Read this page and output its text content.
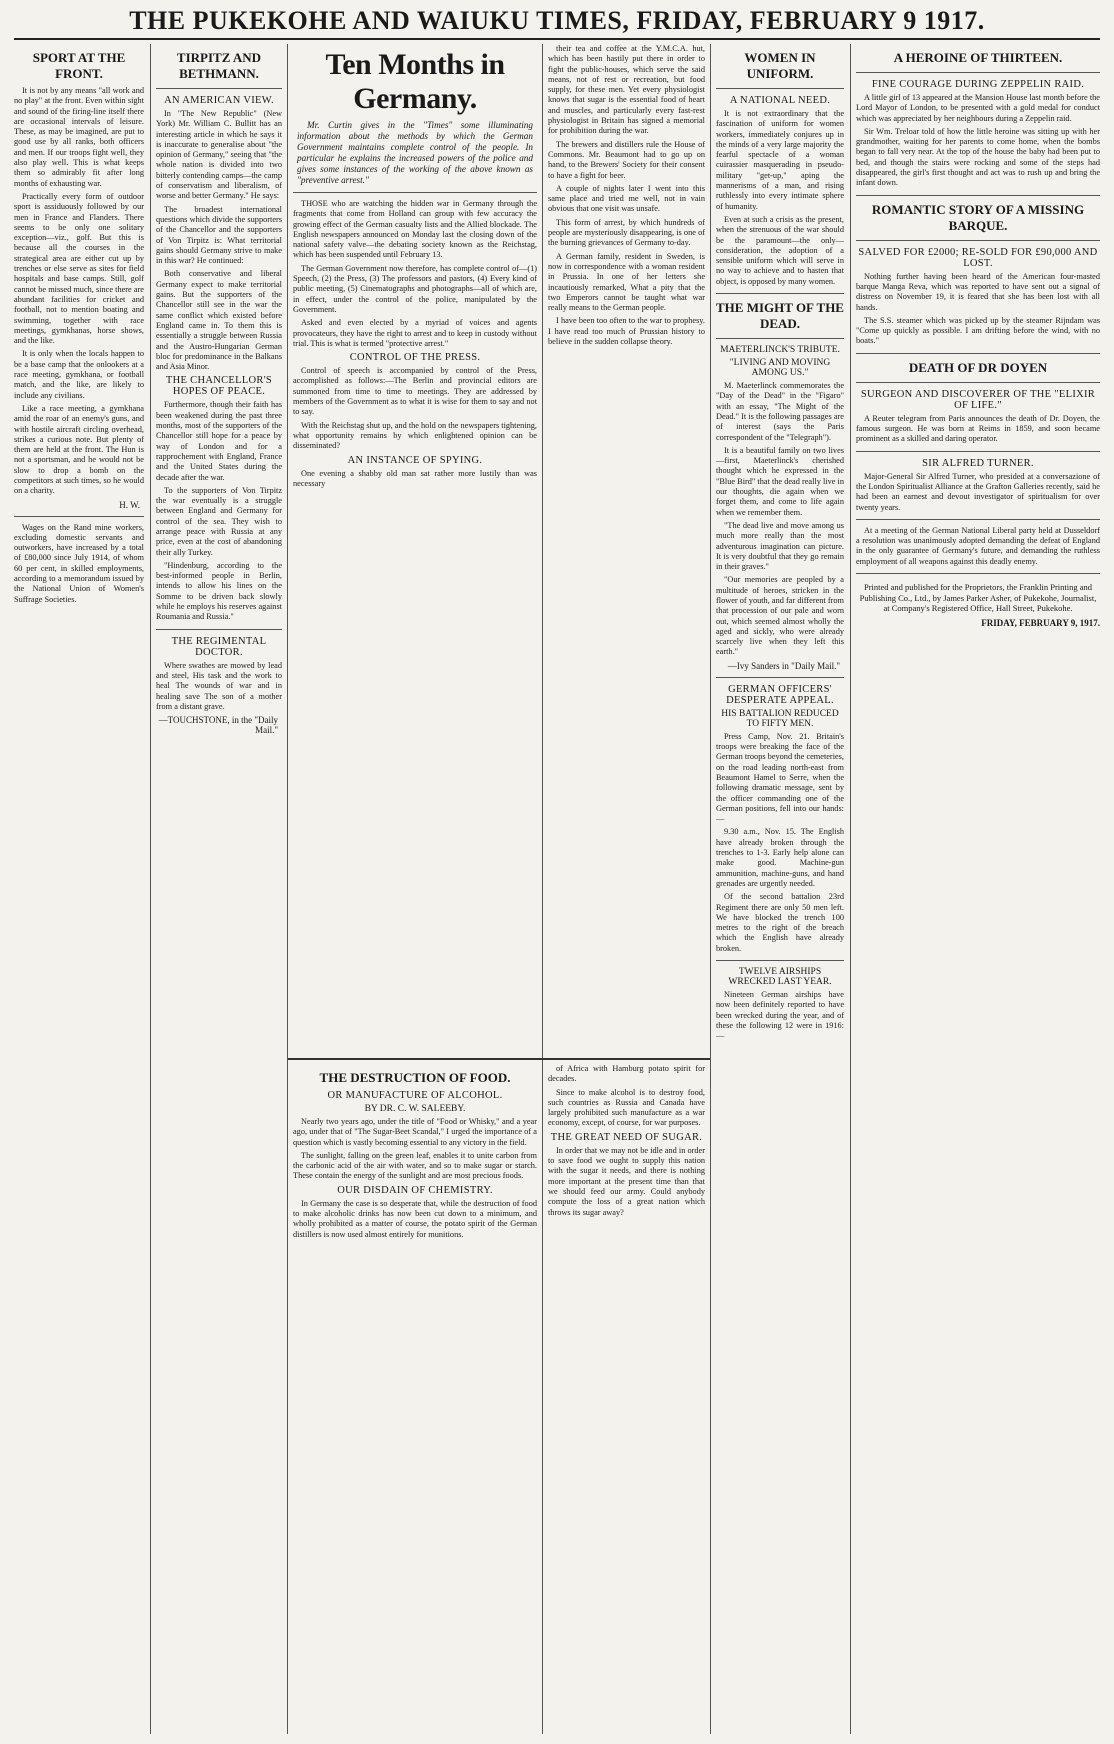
THE PUKEKOHE AND WAIUKU TIMES, FRIDAY, FEBRUARY 9 1917.
SPORT AT THE FRONT.

It is not by any means "all work and no play" at the front. Even within sight and sound of the firing-line itself there are occasional intervals of leisure. These, as may be imagined, are put to good use by all ranks, both officers and men. If our troops fight well, they also play well. This is what keeps them so admirably fit after long months of exhausting war.

Practically every form of outdoor sport is assiduously followed by our men in France and Flanders. There seems to be only one solitary exception—viz., golf. But this is because all the courses in the strategical area are either cut up by trenches or else serve as sites for field hospitals and base camps. Still, golf cannot be missed much, since there are abundant facilities for cricket and football, not to mention boating and swimming, together with race meetings, gymkhanas, horse shows, and the like.

It is only when the locals happen to be a base camp that the onlookers at a race meeting, gymkhana, or football match, and the like, are likely to include any civilians.

Like a race meeting, a gymkhana amid the roar of an enemy's guns, and with hostile aircraft circling overhead, strikes a curious note. But plenty of them are held at the front. The Hun is not a sportsman, and he would not be slow to drop a bomb on the competitors at such times, so he would on a charity.

H. W.

Wages on the Rand mine workers, excluding domestic servants and outworkers, have increased by a total of £80,000 since July 1914, of whom 60 per cent, in skilled employments, according to a memorandum issued by the National Union of Women's Suffrage Societies.

TIRPITZ AND BETHMANN.
AN AMERICAN VIEW.

In "The New Republic" (New York) Mr. William C. Bullitt has an interesting article in which he says it is inaccurate to generalise about "the opinion of Germany," seeing that "the whole nation is divided into two bitterly contending camps—the camp of conservatism and liberalism, of worse and better Germany." He says:

The broadest international questions which divide the supporters of the Chancellor and the supporters of Von Tirpitz is: What territorial gains should Germany strive to make in this war? He continued:

Both conservative and liberal Germany expect to make territorial gains. But the supporters of the Chancellor still see in the war the same conflict which existed before England came in. To them this is essentially a struggle between Russia and the Austro-Hungarian German bloc for predominance in the Balkans and Asia Minor.

THE CHANCELLOR'S HOPES OF PEACE.

Furthermore, though their faith has been weakened during the past three months, most of the supporters of the Chancellor still hope for a peace by way of London and for a rapprochement with England, France and the United States during the decade after the war.

To the supporters of Von Tirpitz the war eventually is a struggle between England and Germany for control of the sea. They wish to arrange peace with Russia at any price, even at the cost of abandoning their ally Turkey.

"Hindenburg, according to the best-informed people in Berlin, intends to allow his lines on the Somme to be driven back slowly while he employs his reserves against Roumania and Russia."

THE REGIMENTAL DOCTOR.

Where swathes are mowed by lead and steel, His task and the work to heal The wounds of war and in healing save The son of a mother from a distant grave.

—TOUCHSTONE, in the "Daily Mail."
Ten Months in Germany.

Mr. Curtin gives in the "Times" some illuminating information about the methods by which the German Government maintains complete control of the people. In particular he explains the increased powers of the police and gives some instances of the working of the above known as "preventive arrest."

THOSE who are watching the hidden war in Germany through the fragments that come from Holland can group with few accuracy the growing effect of the German casualty lists and the Allied blockade. The English newspapers announced on Monday last the closing down of the national safety valve—the debating society known as the Reichstag, which has been suspended until February 13.

The German Government now therefore, has complete control of—(1) Speech, (2) the Press, (3) The professors and pastors, (4) Every kind of public meeting, (5) Cinematographs and photographs—all of which are, in effect, under the control of the police, manipulated by the Government.

Asked and even elected by a myriad of voices and agents provocateurs, they have the right to arrest and to keep in custody without trial. This is what is termed "protective arrest."

CONTROL OF THE PRESS.

Control of speech is accompanied by control of the Press, accomplished as follows:—The Berlin and provincial editors are summoned from time to time to meetings. They are addressed by members of the Government as to what it is wise for them to say and not to say.

With the Reichstag shut up, and the hold on the newspapers tightening, what opportunity remains by which enlightened opinion can be disseminated?

AN INSTANCE OF SPYING.

One evening a shabby old man sat rather more lustily than was necessary

their tea and coffee at the Y.M.C.A. hut, which has been hastily put there in order to fight the public-houses, which serve the said means, not of rest or recreation, but food supply, for these men. Yet every physiologist knows that sugar is the essential food of heart and muscles, and particularly every fast-rest physiologist in Britain has signed a memorial for prohibition during the war.

The brewers and distillers rule the House of Commons. Mr. Beaumont had to go up on hand, to the Brewers' Society for their consent to have a fight for beer.

A couple of nights later I went into this same place and tried me well, not in vain obvious that one visit was unsafe.

This form of arrest, by which hundreds of people are mysteriously disappearing, is one of the burning grievances of Germany to-day.

A German family, resident in Sweden, is now in correspondence with a woman resident in Prussia. In one of her letters she incautiously remarked, What a pity that the two Emperors cannot be taught what war really means to the German people.

I have been too often to the war to prophesy. I have read too much of Prussian history to believe in the sudden collapse theory.

THE DESTRUCTION OF FOOD.
OR MANUFACTURE OF ALCOHOL.
BY DR. C. W. SALEEBY.

Nearly two years ago, under the title of "Food or Whisky," and a year ago, under that of "The Sugar-Beet Scandal," I urged the importance of a question which is vastly becoming essential to any victory in the field.

The sunlight, falling on the green leaf, enables it to unite carbon from the carbonic acid of the air with water, and so to make sugar or starch. These contain the energy of the sunlight and are most precious foods.

OUR DISDAIN OF CHEMISTRY.

In Germany the case is so desperate that, while the destruction of food to make alcoholic drinks has now been cut down to a minimum, and wholly prohibited as a matter of course, the potato spirit of the German distillers is now used almost entirely for munitions.

of Africa with Hamburg potato spirit for decades.

Since to make alcohol is to destroy food, such countries as Russia and Canada have largely prohibited such manufacture as a war economy, except, of course, for war purposes.

THE GREAT NEED OF SUGAR.

In order that we may not be idle and in order to save food we ought to supply this nation with the sugar it needs, and there is nothing more important at the present time than that we should feed our army. Could anybody compute the loss of a great nation which throws its sugar away?

WOMEN IN UNIFORM.
A NATIONAL NEED.

It is not extraordinary that the fascination of uniform for women workers, immediately conjures up in the minds of a very large majority the fearful spectacle of a woman cuirassier masquerading in pseudo-military "get-up," aping the mannerisms of a man, and rising ruthlessly into every intimate sphere of humanity.

Even at such a crisis as the present, when the strenuous of the war should be the paramount—the only—consideration, the adoption of a sensible uniform which will serve in no way to achieve and to hasten that object, is opposed by many women.

THE MIGHT OF THE DEAD.
MAETERLINCK'S TRIBUTE.
"LIVING AND MOVING AMONG US."

M. Maeterlinck commemorates the "Day of the Dead" in the "Figaro" with an essay, "The Might of the Dead." It is the following passages are of interest (says the Paris correspondent of the "Telegraph").

It is a beautiful family on two lives—first, Maeterlinck's cherished thought which he expressed in the "Blue Bird" that the dead really live in our thoughts, die again when we forget them, and come to life again when we remember them.

"The dead live and move among us much more really than the most adventurous imagination can picture. It is very doubtful that they go remain in their graves."

"Our memories are peopled by a multitude of heroes, stricken in the flower of youth, and far different from that procession of our pale and worn out, which seemed almost wholly the aged and sickly, who were already scarcely live when they left this earth."

—Ivy Sanders in "Daily Mail."
GERMAN OFFICERS' DESPERATE APPEAL.
HIS BATTALION REDUCED TO FIFTY MEN.

Press Camp, Nov. 21. Britain's troops were breaking the face of the German troops beyond the cemeteries, on the road leading north-east from Beaumont Hamel to Serre, when the following dramatic message, sent by the officer commanding one of the German positions, fell into our hands:—

9.30 a.m., Nov. 15. The English have already broken through the trenches to 1-3. Early help alone can make good. Machine-gun ammunition, machine-guns, and hand grenades are urgently needed.

Of the second battalion 23rd Regiment there are only 50 men left. We have blocked the trench 100 metres to the right of the breach which the English have already broken.

TWELVE AIRSHIPS WRECKED LAST YEAR.

Nineteen German airships have now been definitely reported to have been wrecked during the year, and of these the following 12 were in 1916:—

A HEROINE OF THIRTEEN.
FINE COURAGE DURING ZEPPELIN RAID.

A little girl of 13 appeared at the Mansion House last month before the Lord Mayor of London, to be presented with a gold medal for conduct which was appreciated by her neighbours during a Zeppelin raid.

Sir Wm. Treloar told of how the little heroine was sitting up with her grandmother, waiting for her parents to come home, when the bombs began to fall very near. At the top of the house the baby had been put to bed, and though the stairs were rocking and some of the steps had disappeared, the girl's first thought and act was to rush up and bring the infant down.

ROMANTIC STORY OF A MISSING BARQUE.
SALVED FOR £2000; RE-SOLD FOR £90,000 AND LOST.

Nothing further having been heard of the American four-masted barque Manga Reva, which was reported to have sent out a signal of distress on November 19, it is feared that she has been lost with all hands.

The S.S. steamer which was picked up by the steamer Rijndam was "Come up quickly as possible. I am drifting before the wind, with no boats."

DEATH OF DR DOYEN
SURGEON AND DISCOVERER OF THE "ELIXIR OF LIFE."

A Reuter telegram from Paris announces the death of Dr. Doyen, the famous surgeon. He was born at Reims in 1859, and soon became prominent as a skilled and daring operator.

SIR ALFRED TURNER.

Major-General Sir Alfred Turner, who presided at a conversazione of the London Spiritualist Alliance at the Grafton Galleries recently, said he had been an earnest and devout investigator of spiritualism for over twenty years.

At a meeting of the German National Liberal party held at Dusseldorf a resolution was unanimously adopted demanding the defeat of England in the only guarantee of Germany's future, and demanding the ruthless employment of all weapons against this deadly enemy.

Printed and published for the Proprietors, the Franklin Printing and Publishing Co., Ltd., by James Parker Asher, of Pukekohe, Journalist, at Company's Registered Office, Hall Street, Pukekohe.
FRIDAY, FEBRUARY 9, 1917.
